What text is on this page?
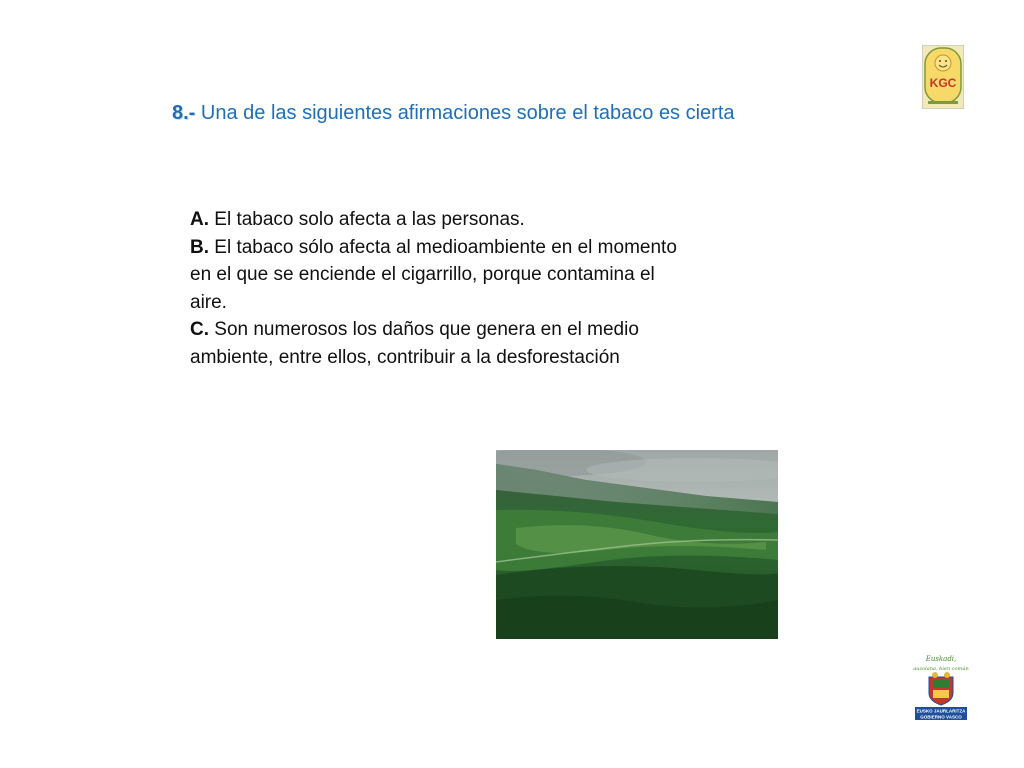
8.- Una de las siguientes afirmaciones sobre el tabaco es cierta

A. El tabaco solo afecta a las personas.

B. El tabaco sólo afecta al medioambiente en el momento en el que se enciende el cigarrillo, porque contamina el aire.

C. Son numerosos los daños que genera en el medio ambiente, entre ellos, contribuir a la desforestación

KGC
Euskadi,
auzolana, bien común
EUSKO JAURLARITZA
GOBIERNO VASCO
